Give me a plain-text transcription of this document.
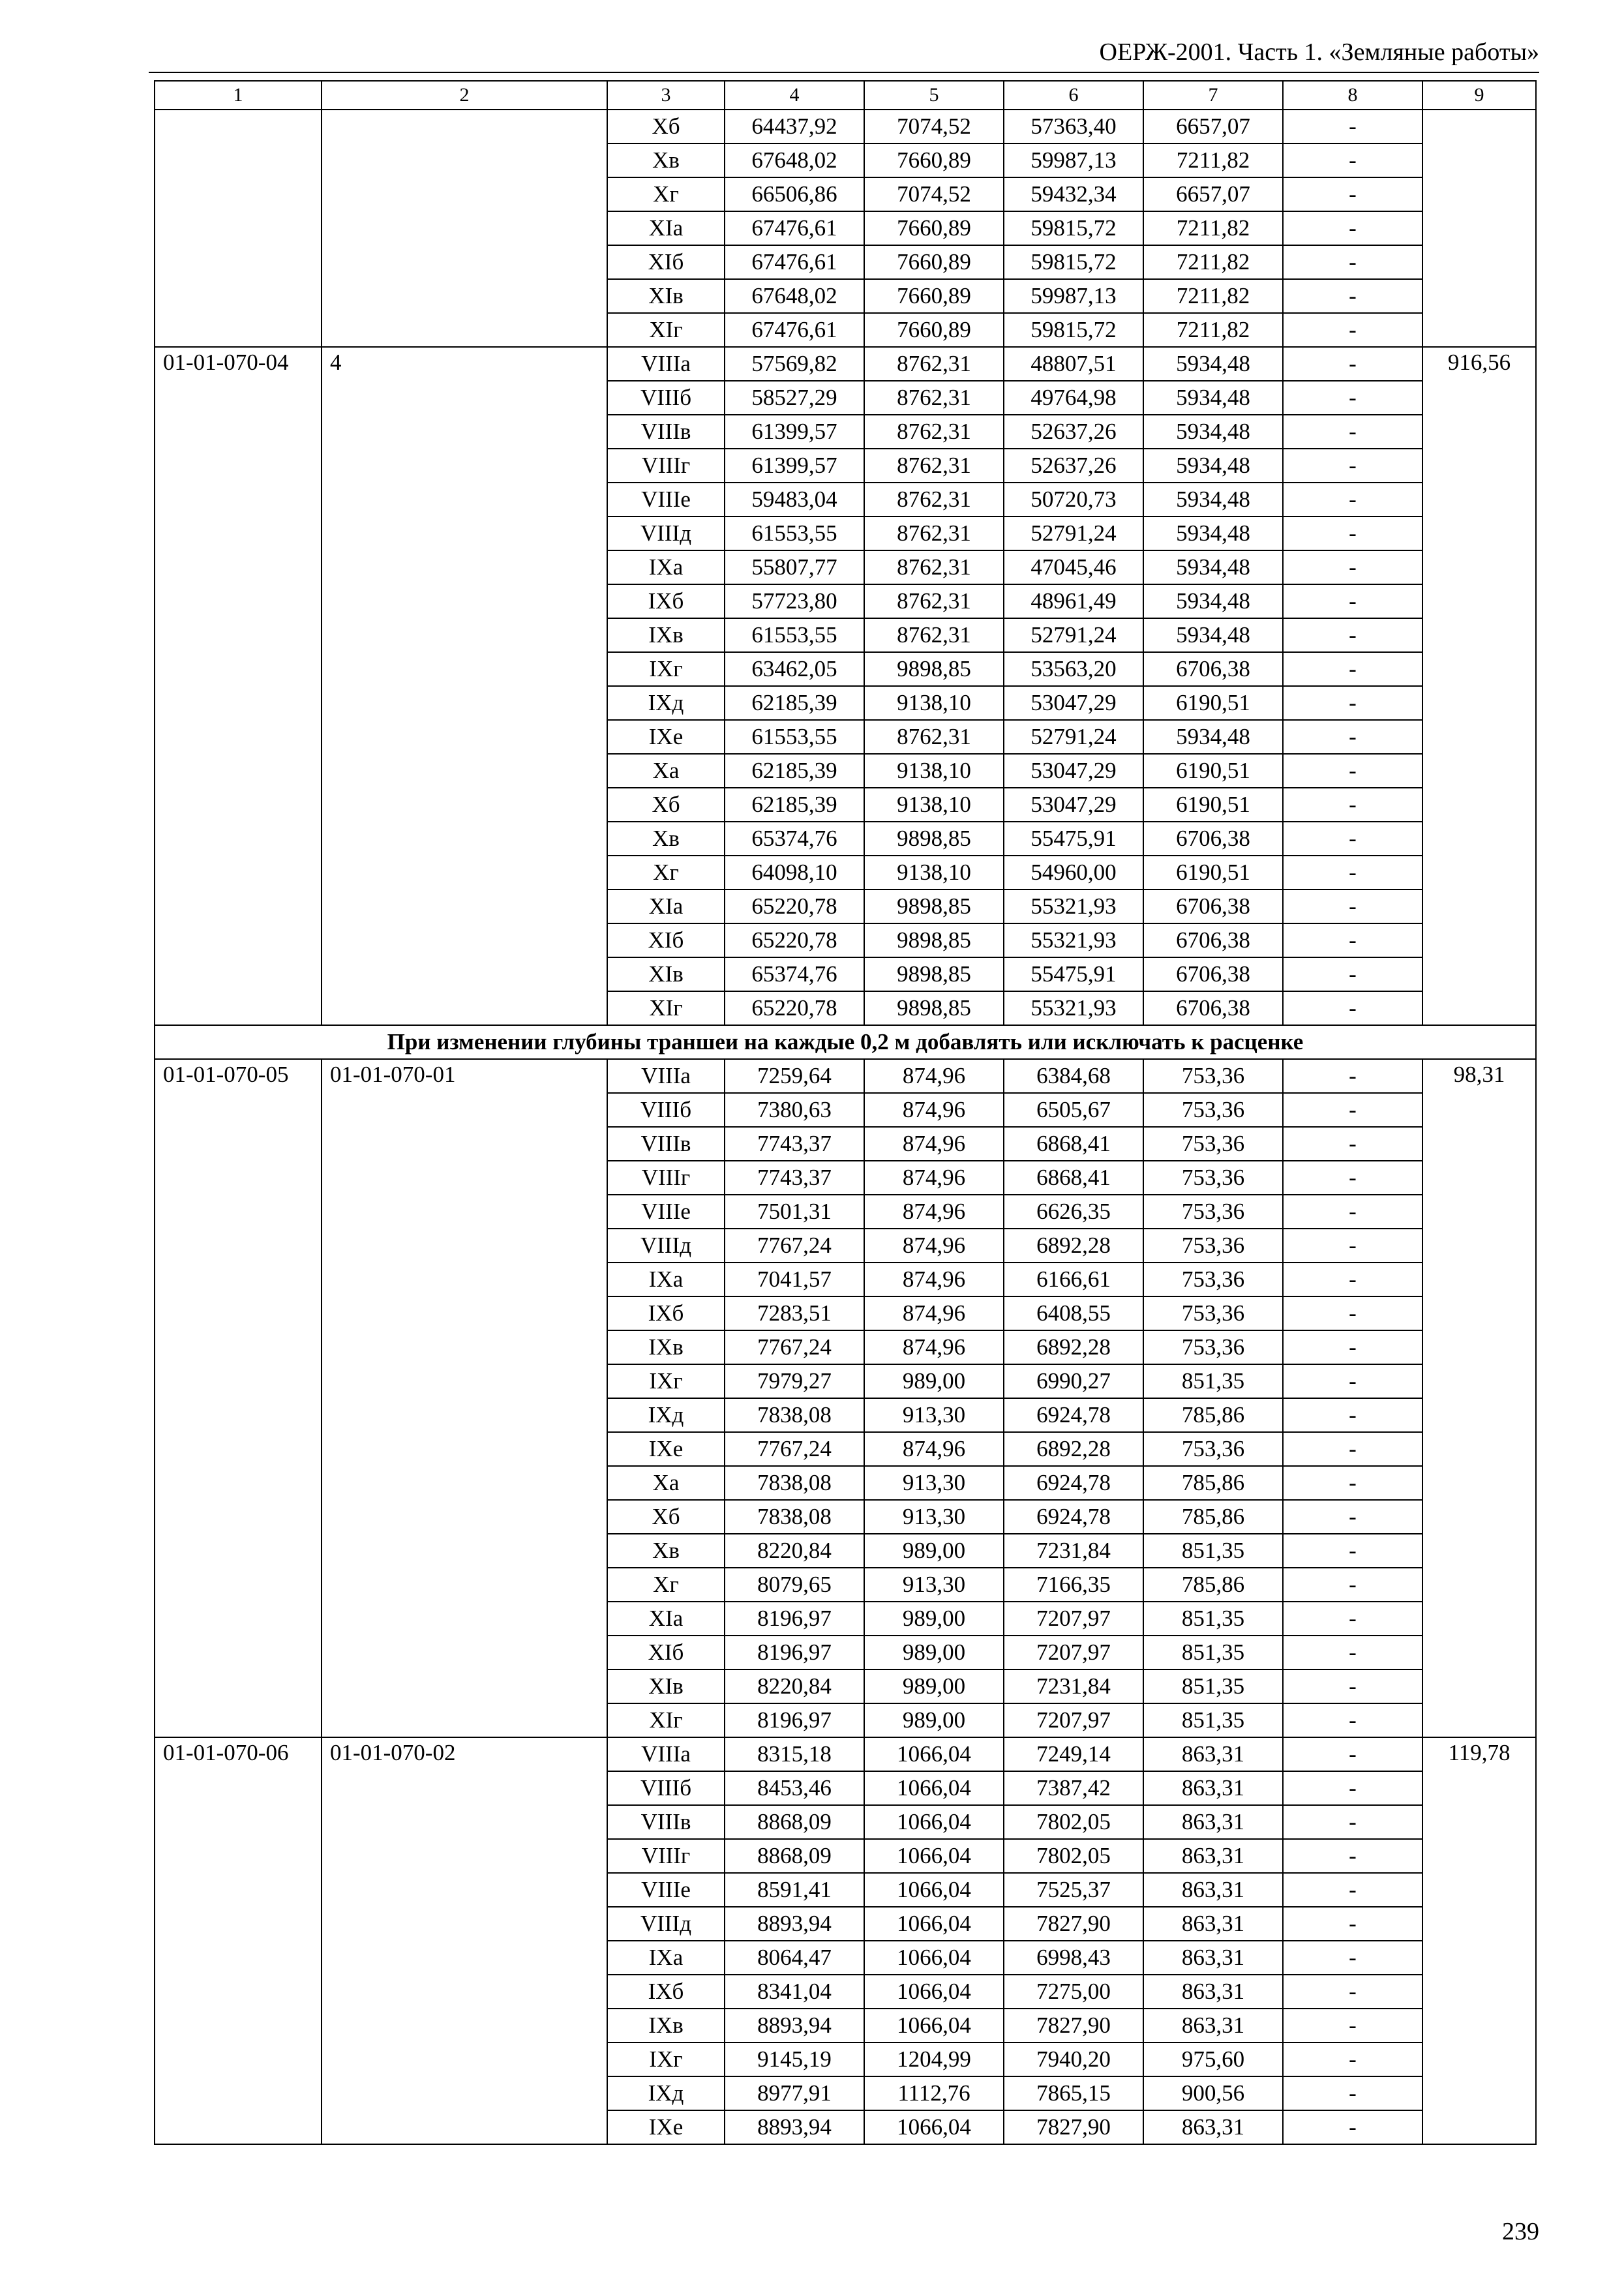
ОЕРЖ-2001. Часть 1. «Земляные работы»
1	2	3	4	5	6	7	8	9
		Xб	64437,92	7074,52	57363,40	6657,07	-	
		Xв	67648,02	7660,89	59987,13	7211,82	-	
		Xг	66506,86	7074,52	59432,34	6657,07	-	
		XIа	67476,61	7660,89	59815,72	7211,82	-	
		XIб	67476,61	7660,89	59815,72	7211,82	-	
		XIв	67648,02	7660,89	59987,13	7211,82	-	
		XIг	67476,61	7660,89	59815,72	7211,82	-	
01-01-070-04	4	VIIIа	57569,82	8762,31	48807,51	5934,48	-	916,56
		VIIIб	58527,29	8762,31	49764,98	5934,48	-	
		VIIIв	61399,57	8762,31	52637,26	5934,48	-	
		VIIIг	61399,57	8762,31	52637,26	5934,48	-	
		VIIIе	59483,04	8762,31	50720,73	5934,48	-	
		VIIIд	61553,55	8762,31	52791,24	5934,48	-	
		IXа	55807,77	8762,31	47045,46	5934,48	-	
		IXб	57723,80	8762,31	48961,49	5934,48	-	
		IXв	61553,55	8762,31	52791,24	5934,48	-	
		IXг	63462,05	9898,85	53563,20	6706,38	-	
		IXд	62185,39	9138,10	53047,29	6190,51	-	
		IXе	61553,55	8762,31	52791,24	5934,48	-	
		Xа	62185,39	9138,10	53047,29	6190,51	-	
		Xб	62185,39	9138,10	53047,29	6190,51	-	
		Xв	65374,76	9898,85	55475,91	6706,38	-	
		Xг	64098,10	9138,10	54960,00	6190,51	-	
		XIа	65220,78	9898,85	55321,93	6706,38	-	
		XIб	65220,78	9898,85	55321,93	6706,38	-	
		XIв	65374,76	9898,85	55475,91	6706,38	-	
		XIг	65220,78	9898,85	55321,93	6706,38	-	
При изменении глубины траншеи на каждые 0,2 м добавлять или исключать к расценке								
01-01-070-05	01-01-070-01	VIIIа	7259,64	874,96	6384,68	753,36	-	98,31
		VIIIб	7380,63	874,96	6505,67	753,36	-	
		VIIIв	7743,37	874,96	6868,41	753,36	-	
		VIIIг	7743,37	874,96	6868,41	753,36	-	
		VIIIе	7501,31	874,96	6626,35	753,36	-	
		VIIIд	7767,24	874,96	6892,28	753,36	-	
		IXа	7041,57	874,96	6166,61	753,36	-	
		IXб	7283,51	874,96	6408,55	753,36	-	
		IXв	7767,24	874,96	6892,28	753,36	-	
		IXг	7979,27	989,00	6990,27	851,35	-	
		IXд	7838,08	913,30	6924,78	785,86	-	
		IXе	7767,24	874,96	6892,28	753,36	-	
		Xа	7838,08	913,30	6924,78	785,86	-	
		Xб	7838,08	913,30	6924,78	785,86	-	
		Xв	8220,84	989,00	7231,84	851,35	-	
		Xг	8079,65	913,30	7166,35	785,86	-	
		XIа	8196,97	989,00	7207,97	851,35	-	
		XIб	8196,97	989,00	7207,97	851,35	-	
		XIв	8220,84	989,00	7231,84	851,35	-	
		XIг	8196,97	989,00	7207,97	851,35	-	
01-01-070-06	01-01-070-02	VIIIа	8315,18	1066,04	7249,14	863,31	-	119,78
		VIIIб	8453,46	1066,04	7387,42	863,31	-	
		VIIIв	8868,09	1066,04	7802,05	863,31	-	
		VIIIг	8868,09	1066,04	7802,05	863,31	-	
		VIIIе	8591,41	1066,04	7525,37	863,31	-	
		VIIIд	8893,94	1066,04	7827,90	863,31	-	
		IXа	8064,47	1066,04	6998,43	863,31	-	
		IXб	8341,04	1066,04	7275,00	863,31	-	
		IXв	8893,94	1066,04	7827,90	863,31	-	
		IXг	9145,19	1204,99	7940,20	975,60	-	
		IXд	8977,91	1112,76	7865,15	900,56	-	
		IXе	8893,94	1066,04	7827,90	863,31	-	
239
